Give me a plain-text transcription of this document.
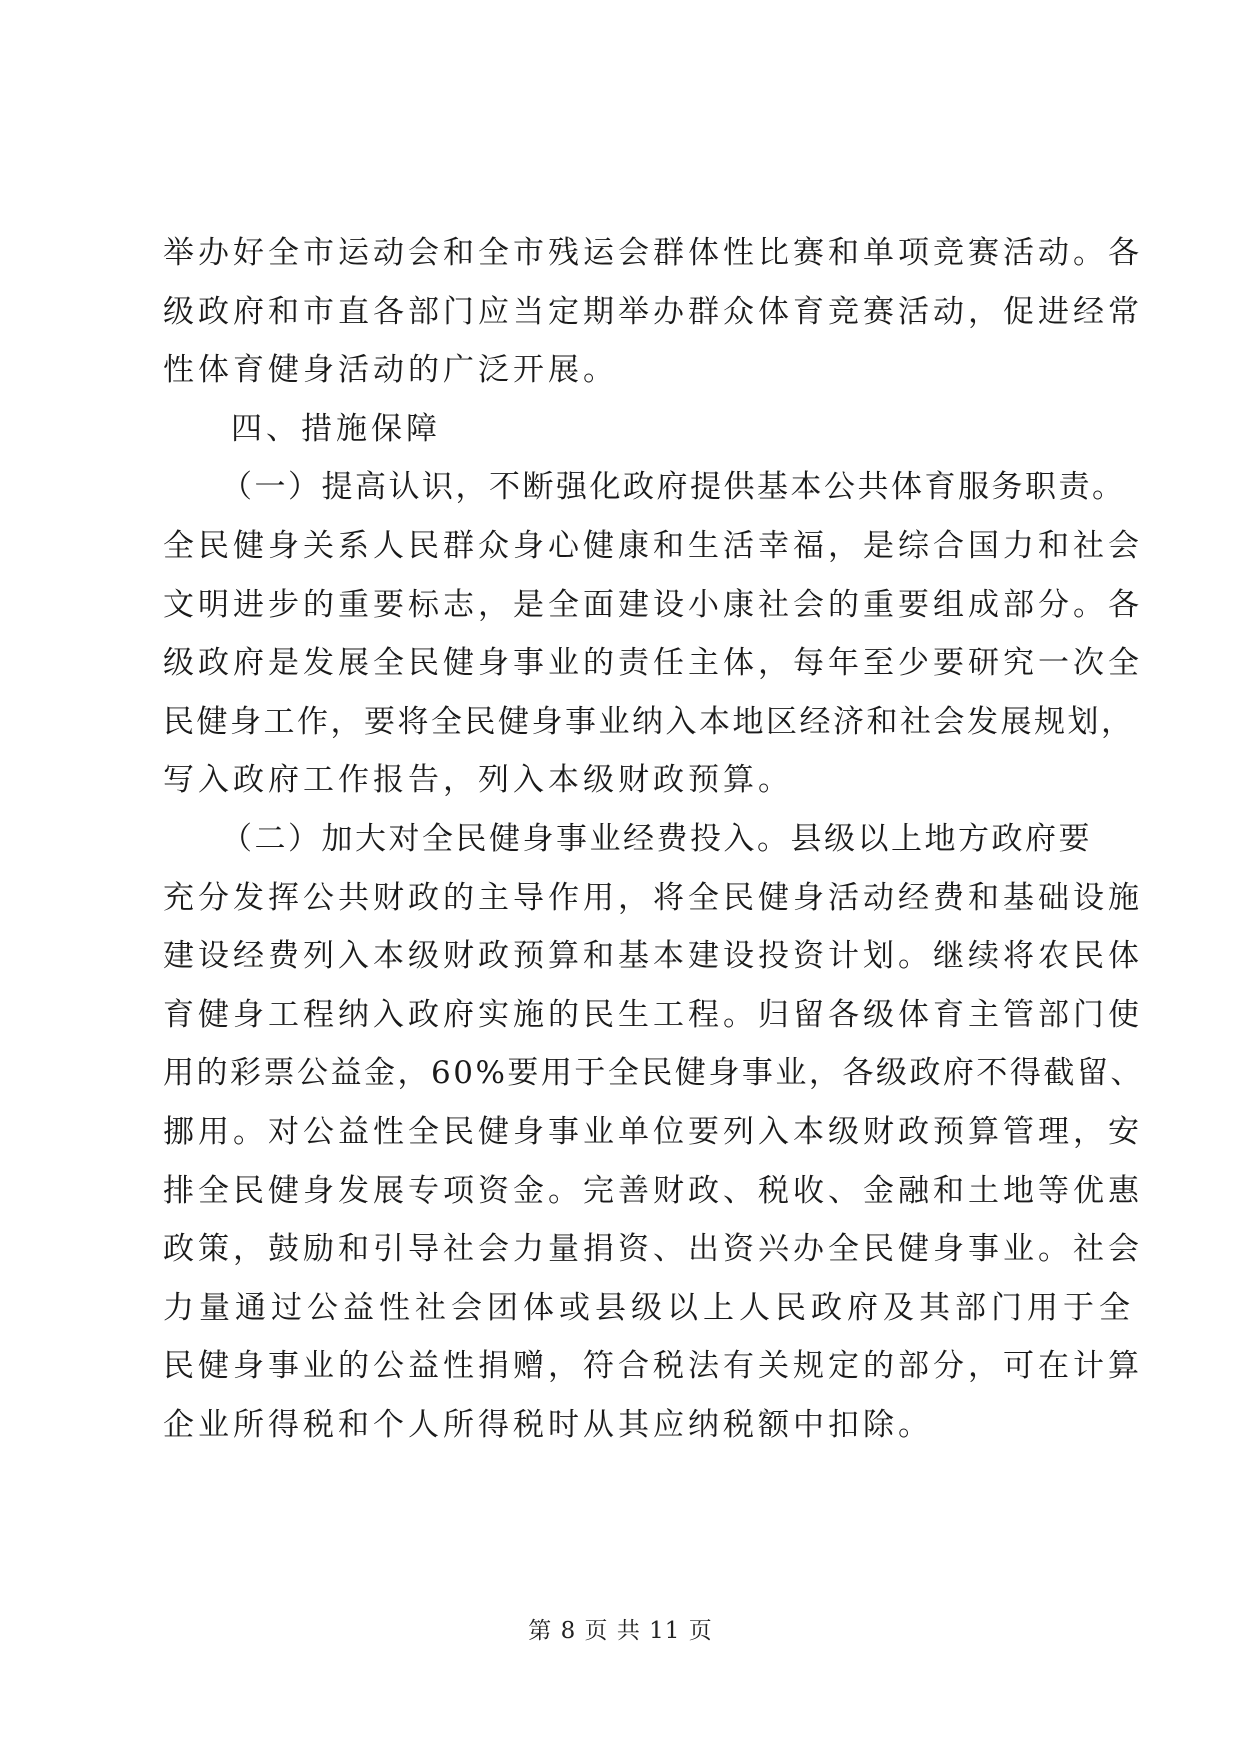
举办好全市运动会和全市残运会群体性比赛和单项竞赛活动。各
级政府和市直各部门应当定期举办群众体育竞赛活动，促进经常
性体育健身活动的广泛开展。
四、措施保障
（一）提高认识，不断强化政府提供基本公共体育服务职责。
全民健身关系人民群众身心健康和生活幸福，是综合国力和社会
文明进步的重要标志，是全面建设小康社会的重要组成部分。各
级政府是发展全民健身事业的责任主体，每年至少要研究一次全
民健身工作，要将全民健身事业纳入本地区经济和社会发展规划，
写入政府工作报告，列入本级财政预算。
（二）加大对全民健身事业经费投入。县级以上地方政府要
充分发挥公共财政的主导作用，将全民健身活动经费和基础设施
建设经费列入本级财政预算和基本建设投资计划。继续将农民体
育健身工程纳入政府实施的民生工程。归留各级体育主管部门使
用的彩票公益金，60%要用于全民健身事业，各级政府不得截留、
挪用。对公益性全民健身事业单位要列入本级财政预算管理，安
排全民健身发展专项资金。完善财政、税收、金融和土地等优惠
政策，鼓励和引导社会力量捐资、出资兴办全民健身事业。社会
力量通过公益性社会团体或县级以上人民政府及其部门用于全
民健身事业的公益性捐赠，符合税法有关规定的部分，可在计算
企业所得税和个人所得税时从其应纳税额中扣除。
第 8 页 共 11 页
